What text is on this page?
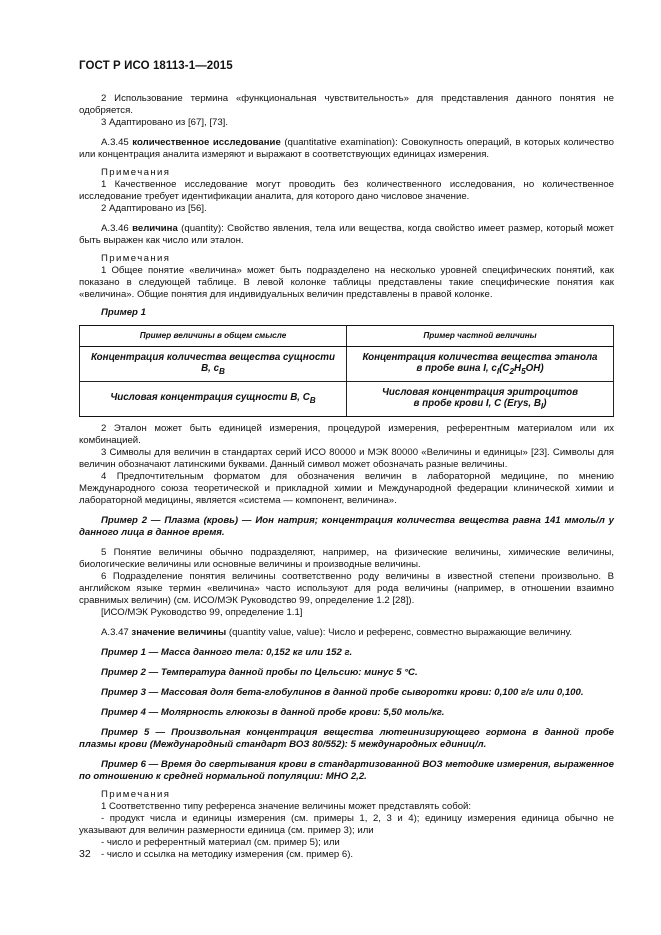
ГОСТ Р ИСО 18113-1—2015

2 Использование термина «функциональная чувствительность» для представления данного понятия не одобряется.

3 Адаптировано из [67], [73].

А.3.45 количественное исследование (quantitative examination): Совокупность операций, в которых количество или концентрация аналита измеряют и выражают в соответствующих единицах измерения.

Примечания

1 Качественное исследование могут проводить без количественного исследования, но количественное исследование требует идентификации аналита, для которого дано числовое значение.

2 Адаптировано из [56].

А.3.46 величина (quantity): Свойство явления, тела или вещества, когда свойство имеет размер, который может быть выражен как число или эталон.

Примечания

1 Общее понятие «величина» может быть подразделено на несколько уровней специфических понятий, как показано в следующей таблице. В левой колонке таблицы представлены такие специфические понятия как «величина». Общие понятия для индивидуальных величин представлены в правой колонке.

Пример 1

Пример величины в общем смысле	Пример частной величины
Концентрация количества вещества сущности B, $c_B$	Концентрация количества вещества этанола
в пробе вина I, $c_I(C_2H_5OH)$
Числовая концентрация сущности B, $C_B$	Числовая концентрация эритроцитов
в пробе крови I, C (Erys, $B_I$)

2 Эталон может быть единицей измерения, процедурой измерения, референтным материалом или их комбинацией.

3 Символы для величин в стандартах серий ИСО 80000 и МЭК 80000 «Величины и единицы» [23]. Символы для величин обозначают латинскими буквами. Данный символ может обозначать разные величины.

4 Предпочтительным форматом для обозначения величин в лабораторной медицине, по мнению Международного союза теоретической и прикладной химии и Международной федерации клинической химии и лабораторной медицины, является «система — компонент, величина».

Пример 2 — Плазма (кровь) — Ион натрия; концентрация количества вещества равна 141 ммоль/л у данного лица в данное время.

5 Понятие величины обычно подразделяют, например, на физические величины, химические величины, биологические величины или основные величины и производные величины.

6 Подразделение понятия величины соответственно роду величины в известной степени произвольно. В английском языке термин «величина» часто используют для рода величины (например, в отношении взаимно сравнимых величин) (см. ИСО/МЭК Руководство 99, определение 1.2 [28]).

[ИСО/МЭК Руководство 99, определение 1.1]

А.3.47 значение величины (quantity value, value): Число и референс, совместно выражающие величину.

Пример 1 — Масса данного тела: 0,152 кг или 152 г.

Пример 2 — Температура данной пробы по Цельсию: минус 5 °C.

Пример 3 — Массовая доля бета-глобулинов в данной пробе сыворотки крови: 0,100 г/г или 0,100.

Пример 4 — Молярность глюкозы в данной пробе крови: 5,50 моль/кг.

Пример 5 — Произвольная концентрация вещества лютеинизирующего гормона в данной пробе плазмы крови (Международный стандарт ВОЗ 80/552): 5 международных единиц/л.

Пример 6 — Время до свертывания крови в стандартизованной ВОЗ методике измерения, выраженное по отношению к средней нормальной популяции: МНО 2,2.

Примечания

1 Соответственно типу референса значение величины может представлять собой:

- продукт числа и единицы измерения (см. примеры 1, 2, 3 и 4); единицу измерения единица обычно не указывают для величин размерности единица (см. пример 3); или

- число и референтный материал (см. пример 5); или

- число и ссылка на методику измерения (см. пример 6).

32
